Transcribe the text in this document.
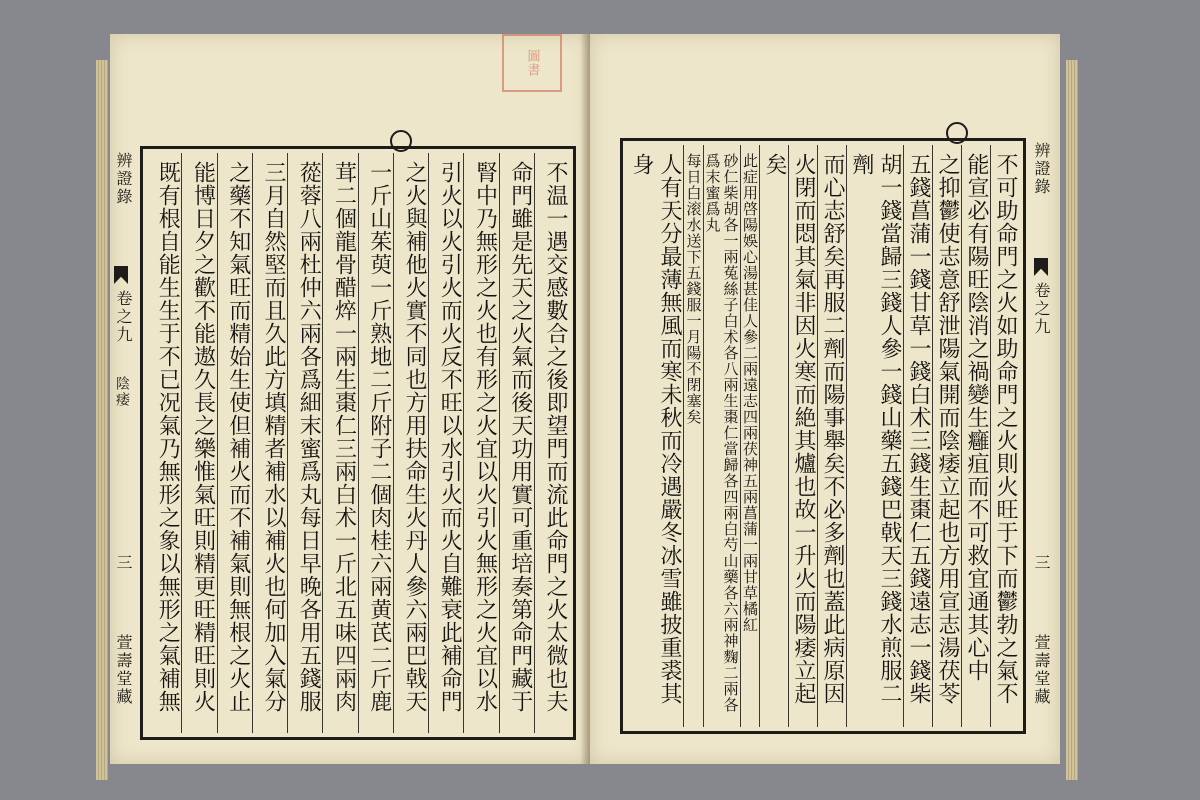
圖書
不温一遇交感數合之後即望門而流此命門之火太微也夫
命門雖是先天之火氣而後天功用實可重培奏第命門藏于
腎中乃無形之火也有形之火宜以火引火無形之火宜以水
引火以火引火而火反不旺以水引火而火自難衰此補命門
之火與補他火實不同也方用扶命生火丹人參六兩巴戟天
一斤山茱萸一斤熟地二斤附子二個肉桂六兩黄芪二斤鹿
茸二個龍骨醋焠一兩生棗仁三兩白术一斤北五味四兩肉
蓯蓉八兩杜仲六兩各爲細末蜜爲丸每日早晚各用五錢服
三月自然堅而且久此方填精者補水以補火也何加入氣分
之藥不知氣旺而精始生使但補火而不補氣則無根之火止
能博日夕之歡不能遨久長之樂惟氣旺則精更旺精旺則火
既有根自能生生于不已况氣乃無形之象以無形之氣補無
辨證錄
卷之九
陰痿
三
萱壽堂藏	不可助命門之火如助命門之火則火旺于下而鬱勃之氣不
能宣必有陽旺陰消之禍變生癰疽而不可救宜通其心中
之抑鬱使志意舒泄陽氣開而陰痿立起也方用宣志湯茯苓
五錢菖蒲一錢甘草一錢白术三錢生棗仁五錢遠志一錢柴
胡一錢當歸三錢人參一錢山藥五錢巴戟天三錢水煎服二劑
而心志舒矣再服二劑而陽事舉矣不必多劑也蓋此病原因
火閉而悶其氣非因火寒而絶其爐也故一升火而陽痿立起
矣
此症用啓陽娛心湯甚佳人參二兩遠志四兩茯神五兩菖蒲一兩甘草橘紅
砂仁柴胡各一兩菟絲子白术各八兩生棗仁當歸各四兩白芍山藥各六兩神麴二兩各爲末蜜爲丸
每日白滚水送下五錢服一月陽不閉塞矣
人有天分最薄無風而寒未秋而冷遇嚴冬冰雪雖披重裘其身	辨證錄
卷之九
三
萱壽堂藏
